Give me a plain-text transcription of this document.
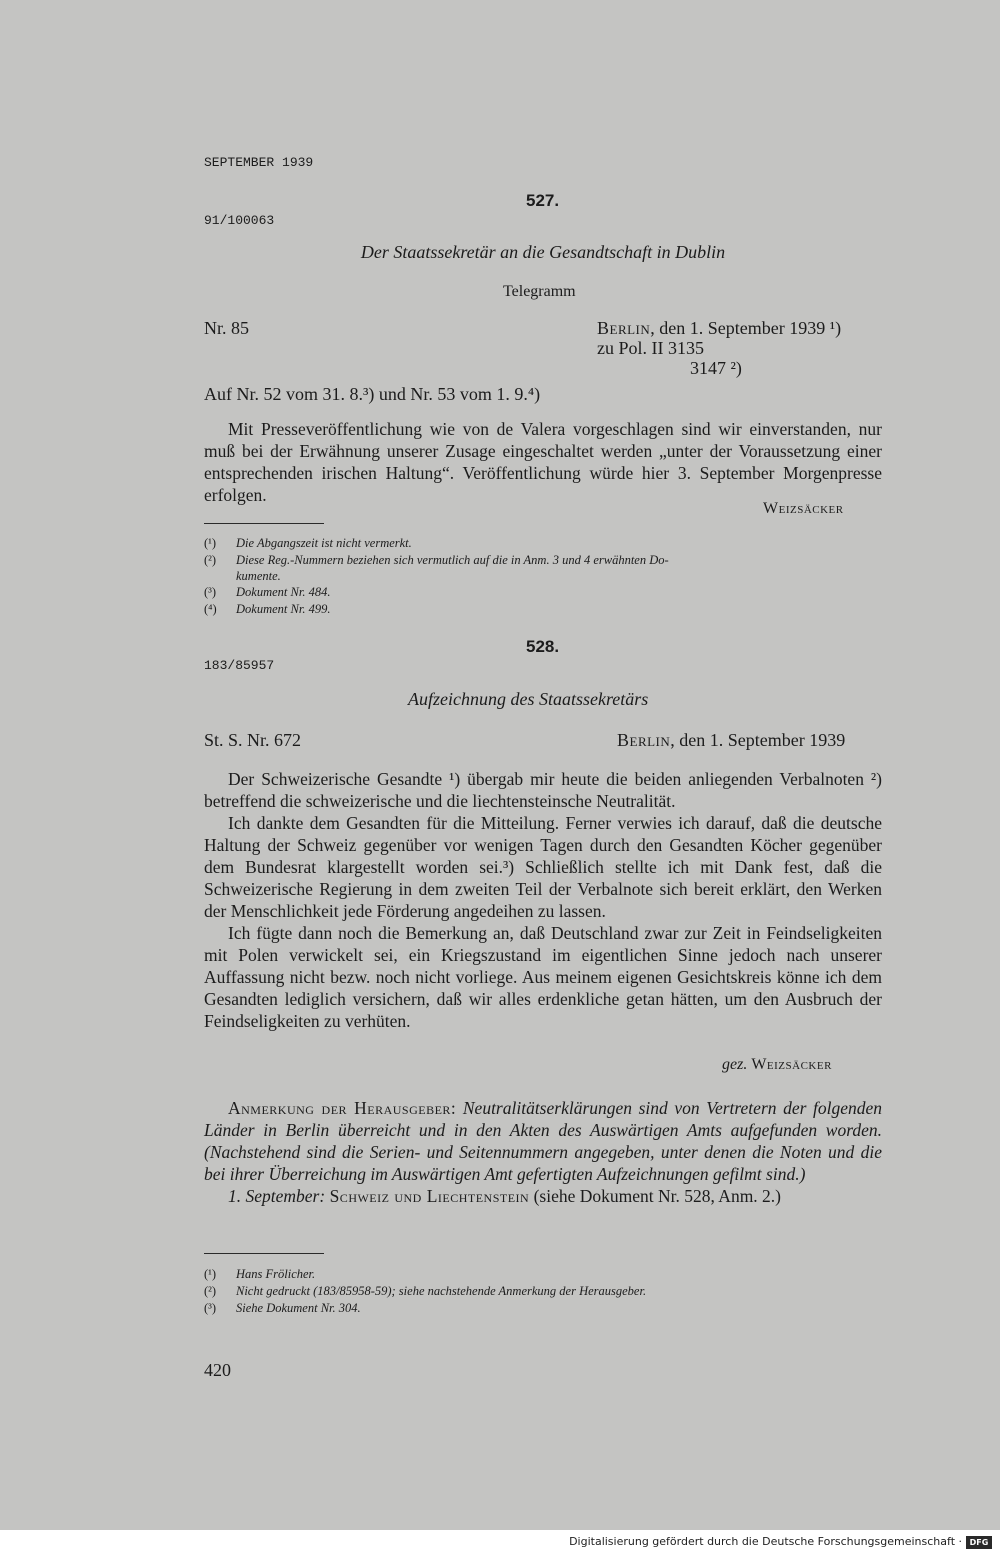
SEPTEMBER 1939
527.
91/100063
Der Staatssekretär an die Gesandtschaft in Dublin
Telegramm
Nr. 85	Berlin, den 1. September 1939 ¹)
zu Pol. II 3135
3147 ²)
Auf Nr. 52 vom 31. 8.³) und Nr. 53 vom 1. 9.⁴)

Mit Presseveröffentlichung wie von de Valera vorgeschlagen sind wir einverstanden, nur muß bei der Erwähnung unserer Zusage eingeschaltet werden „unter der Voraussetzung einer entsprechenden irischen Haltung“. Veröffentlichung würde hier 3. September Morgenpresse erfolgen.

Weizsäcker
(¹) Die Abgangszeit ist nicht vermerkt.
(²) Diese Reg.-Nummern beziehen sich vermutlich auf die in Anm. 3 und 4 erwähnten Do-
kumente.
(³) Dokument Nr. 484.
(⁴) Dokument Nr. 499.
528.
183/85957
Aufzeichnung des Staatssekretärs
St. S. Nr. 672	Berlin, den 1. September 1939

Der Schweizerische Gesandte ¹) übergab mir heute die beiden anliegenden Verbalnoten ²) betreffend die schweizerische und die liechtensteinsche Neutralität.

Ich dankte dem Gesandten für die Mitteilung. Ferner verwies ich darauf, daß die deutsche Haltung der Schweiz gegenüber vor wenigen Tagen durch den Gesandten Köcher gegenüber dem Bundesrat klargestellt worden sei.³) Schließlich stellte ich mit Dank fest, daß die Schweizerische Regierung in dem zweiten Teil der Verbalnote sich bereit erklärt, den Werken der Menschlichkeit jede Förderung angedeihen zu lassen.

Ich fügte dann noch die Bemerkung an, daß Deutschland zwar zur Zeit in Feindseligkeiten mit Polen verwickelt sei, ein Kriegszustand im eigentlichen Sinne jedoch nach unserer Auffassung nicht bezw. noch nicht vorliege. Aus meinem eigenen Gesichtskreis könne ich dem Gesandten lediglich versichern, daß wir alles erdenkliche getan hätten, um den Ausbruch der Feindseligkeiten zu verhüten.

gez. Weizsäcker

Anmerkung der Herausgeber: Neutralitätserklärungen sind von Vertretern der folgenden Länder in Berlin überreicht und in den Akten des Auswärtigen Amts aufgefunden worden. (Nachstehend sind die Serien- und Seitennummern angegeben, unter denen die Noten und die bei ihrer Überreichung im Auswärtigen Amt gefertigten Aufzeichnungen gefilmt sind.)

1. September: Schweiz und Liechtenstein (siehe Dokument Nr. 528, Anm. 2.)

(¹) Hans Frölicher.
(²) Nicht gedruckt (183/85958-59); siehe nachstehende Anmerkung der Herausgeber.
(³) Siehe Dokument Nr. 304.
420
Digitalisierung gefördert durch die Deutsche Forschungsgemeinschaft · DFG
